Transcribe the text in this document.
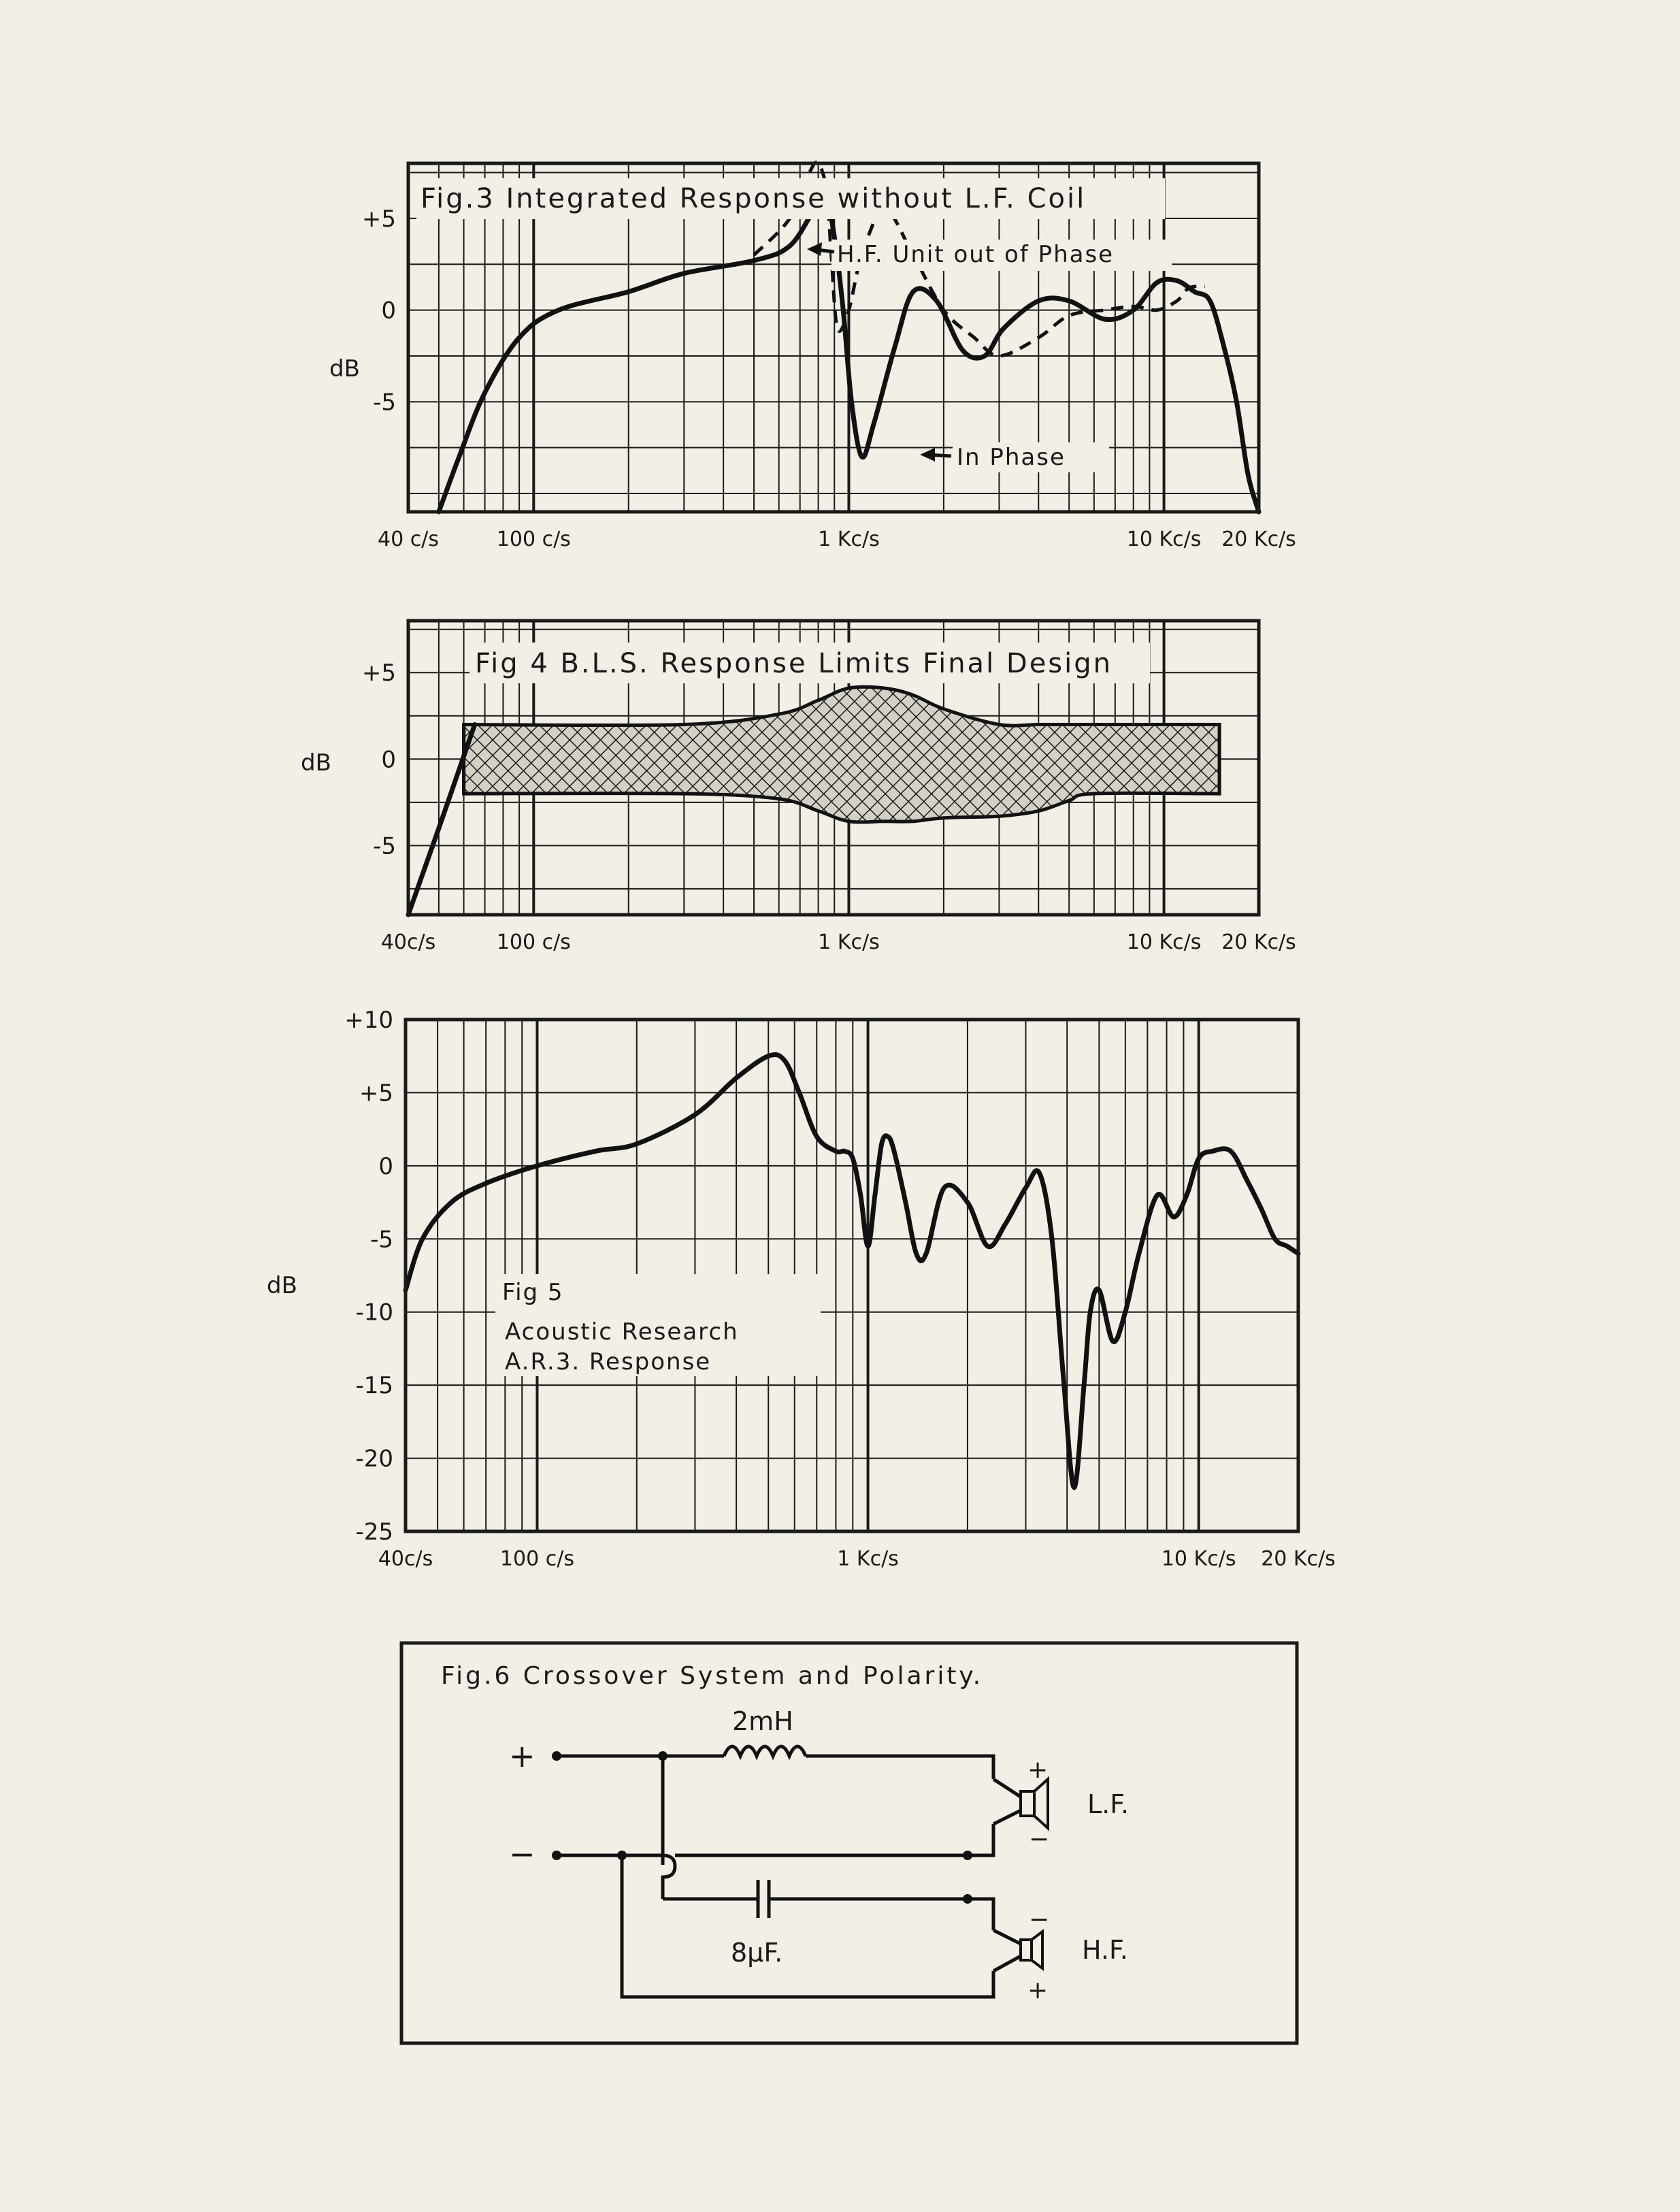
Fig.3 Integrated Response without L.F. Coil
dB
+5
0
-5
40 c/s	100 c/s	1 Kc/s	10 Kc/s 20 Kc/s
H.F. Unit out of Phase
In Phase
Fig 4 B.L.S. Response Limits Final Design
dB
+5
0
-5
40c/s	100 c/s	1 Kc/s	10 Kc/s 20 Kc/s
Fig 5
Acoustic Research
A.R.3. Response
dB
+10
+5
0
-5
-10
-15
-20
-25
40c/s	100 c/s	1 Kc/s	10 Kc/s 20 Kc/s
Fig.6 Crossover System and Polarity.
+
−
2mH
8μF.
+
−
L.F.
−
+
H.F.
